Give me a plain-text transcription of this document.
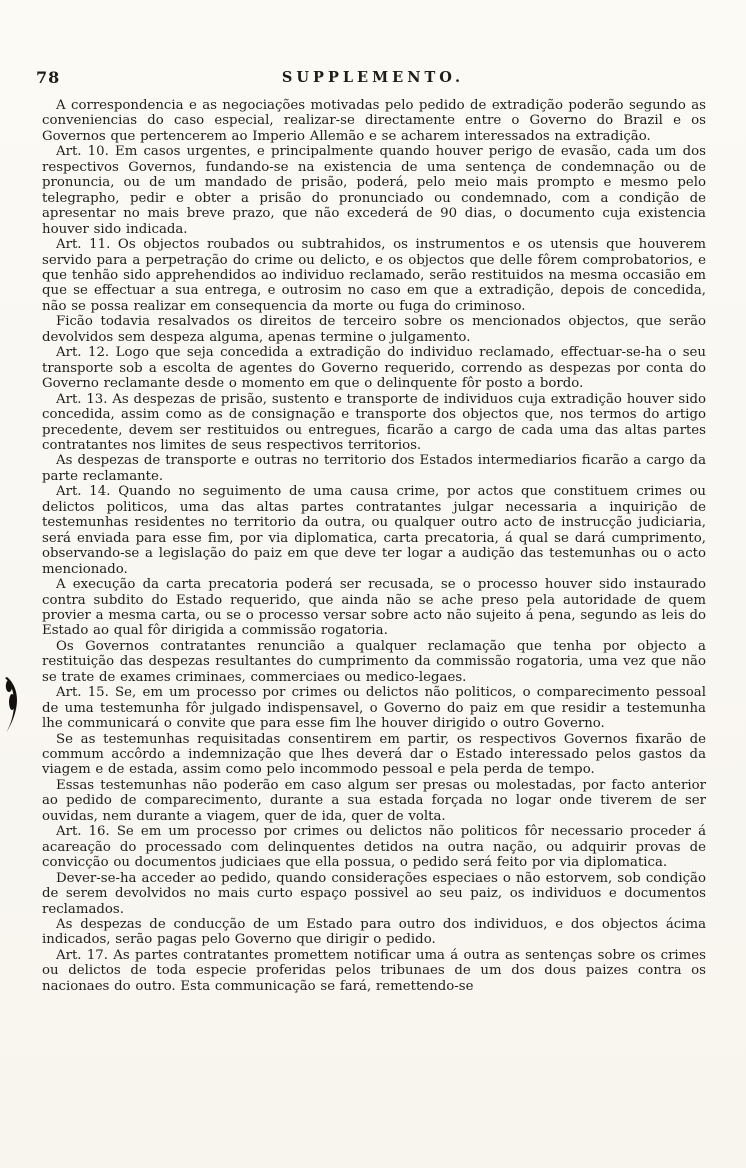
78	SUPPLEMENTO.

A correspondencia e as negociações motivadas pelo pedido de extradição poderão segundo as conveniencias do caso especial, realizar-se directamente entre o Governo do Brazil e os Governos que pertencerem ao Imperio Allemão e se acharem interessados na extradição.

Art. 10. Em casos urgentes, e principalmente quando houver perigo de evasão, cada um dos respectivos Governos, fundando-se na existencia de uma sentença de condemnação ou de pronuncia, ou de um mandado de prisão, poderá, pelo meio mais prompto e mesmo pelo telegrapho, pedir e obter a prisão do pronunciado ou condemnado, com a condição de apresentar no mais breve prazo, que não excederá de 90 dias, o documento cuja existencia houver sido indicada.

Art. 11. Os objectos roubados ou subtrahidos, os instrumentos e os utensis que houverem servido para a perpetração do crime ou delicto, e os objectos que delle fôrem comprobatorios, e que tenhão sido apprehendidos ao individuo reclamado, serão restituidos na mesma occasião em que se effectuar a sua entrega, e outrosim no caso em que a extradição, depois de concedida, não se possa realizar em consequencia da morte ou fuga do criminoso.

Ficão todavia resalvados os direitos de terceiro sobre os mencionados objectos, que serão devolvidos sem despeza alguma, apenas termine o julgamento.

Art. 12. Logo que seja concedida a extradição do individuo reclamado, effectuar-se-ha o seu transporte sob a escolta de agentes do Governo requerido, correndo as despezas por conta do Governo reclamante desde o momento em que o delinquente fôr posto a bordo.

Art. 13. As despezas de prisão, sustento e transporte de individuos cuja extradição houver sido concedida, assim como as de consignação e transporte dos objectos que, nos termos do artigo precedente, devem ser restituidos ou entregues, ficarão a cargo de cada uma das altas partes contratantes nos limites de seus respectivos territorios.

As despezas de transporte e outras no territorio dos Estados intermediarios ficarão a cargo da parte reclamante.

Art. 14. Quando no seguimento de uma causa crime, por actos que constituem crimes ou delictos politicos, uma das altas partes contratantes julgar necessaria a inquirição de testemunhas residentes no territorio da outra, ou qualquer outro acto de instrucção judiciaria, será enviada para esse fim, por via diplomatica, carta precatoria, á qual se dará cumprimento, observando-se a legislação do paiz em que deve ter logar a audição das testemunhas ou o acto mencionado.

A execução da carta precatoria poderá ser recusada, se o processo houver sido instaurado contra subdito do Estado requerido, que ainda não se ache preso pela autoridade de quem provier a mesma carta, ou se o processo versar sobre acto não sujeito á pena, segundo as leis do Estado ao qual fôr dirigida a commissão rogatoria.

Os Governos contratantes renuncião a qualquer reclamação que tenha por objecto a restituição das despezas resultantes do cumprimento da commissão rogatoria, uma vez que não se trate de exames criminaes, commerciaes ou medico-legaes.

Art. 15. Se, em um processo por crimes ou delictos não politicos, o comparecimento pessoal de uma testemunha fôr julgado indispensavel, o Governo do paiz em que residir a testemunha lhe communicará o convite que para esse fim lhe houver dirigido o outro Governo.

Se as testemunhas requisitadas consentirem em partir, os respectivos Governos fixarão de commum accôrdo a indemnização que lhes deverá dar o Estado interessado pelos gastos da viagem e de estada, assim como pelo incommodo pessoal e pela perda de tempo.

Essas testemunhas não poderão em caso algum ser presas ou molestadas, por facto anterior ao pedido de comparecimento, durante a sua estada forçada no logar onde tiverem de ser ouvidas, nem durante a viagem, quer de ida, quer de volta.

Art. 16. Se em um processo por crimes ou delictos não politicos fôr necessario proceder á acareação do processado com delinquentes detidos na outra nação, ou adquirir provas de convicção ou documentos judiciaes que ella possua, o pedido será feito por via diplomatica.

Dever-se-ha acceder ao pedido, quando considerações especiaes o não estorvem, sob condição de serem devolvidos no mais curto espaço possivel ao seu paiz, os individuos e documentos reclamados.

As despezas de conducção de um Estado para outro dos individuos, e dos objectos ácima indicados, serão pagas pelo Governo que dirigir o pedido.

Art. 17. As partes contratantes promettem notificar uma á outra as sentenças sobre os crimes ou delictos de toda especie proferidas pelos tribunaes de um dos dous paizes contra os nacionaes do outro. Esta communicação se fará, remettendo-se
